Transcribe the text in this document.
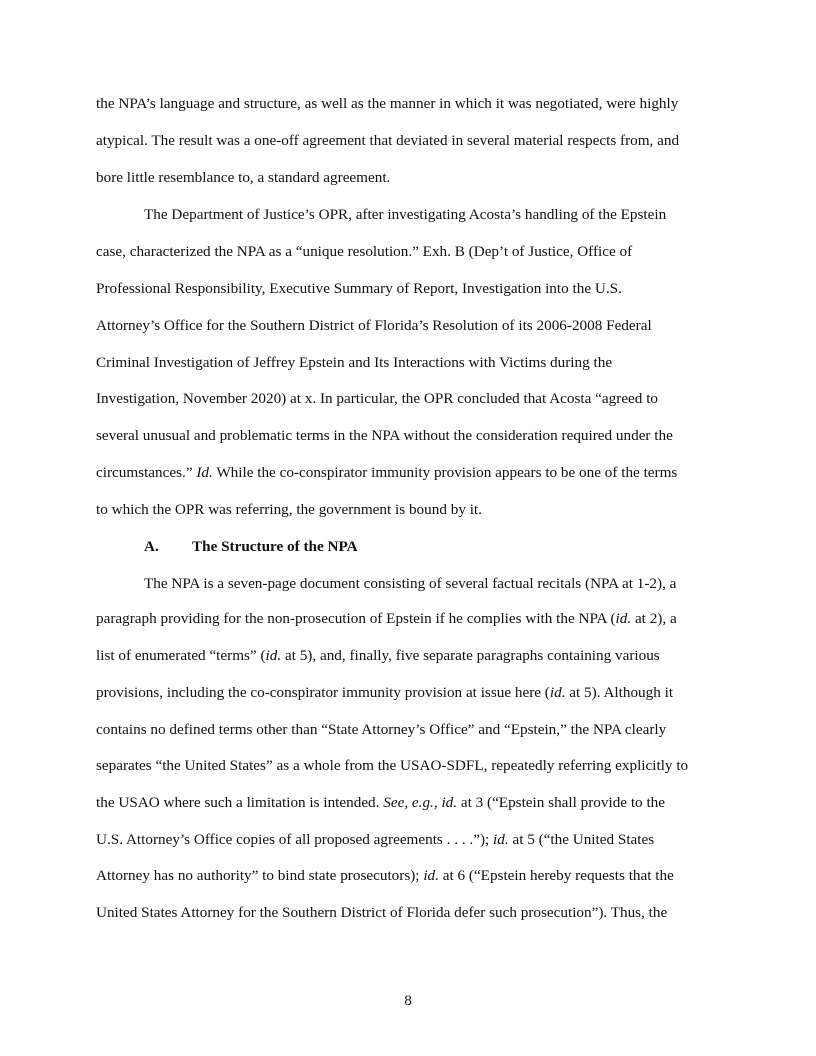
the NPA’s language and structure, as well as the manner in which it was negotiated, were highly
atypical. The result was a one-off agreement that deviated in several material respects from, and
bore little resemblance to, a standard agreement.
The Department of Justice’s OPR, after investigating Acosta’s handling of the Epstein
case, characterized the NPA as a “unique resolution.” Exh. B (Dep’t of Justice, Office of
Professional Responsibility, Executive Summary of Report, Investigation into the U.S.
Attorney’s Office for the Southern District of Florida’s Resolution of its 2006-2008 Federal
Criminal Investigation of Jeffrey Epstein and Its Interactions with Victims during the
Investigation, November 2020) at x. In particular, the OPR concluded that Acosta “agreed to
several unusual and problematic terms in the NPA without the consideration required under the
circumstances.” Id. While the co-conspirator immunity provision appears to be one of the terms
to which the OPR was referring, the government is bound by it.
A. The Structure of the NPA
The NPA is a seven-page document consisting of several factual recitals (NPA at 1-2), a
paragraph providing for the non-prosecution of Epstein if he complies with the NPA (id. at 2), a
list of enumerated “terms” (id. at 5), and, finally, five separate paragraphs containing various
provisions, including the co-conspirator immunity provision at issue here (id. at 5). Although it
contains no defined terms other than “State Attorney’s Office” and “Epstein,” the NPA clearly
separates “the United States” as a whole from the USAO-SDFL, repeatedly referring explicitly to
the USAO where such a limitation is intended. See, e.g., id. at 3 (“Epstein shall provide to the
U.S. Attorney’s Office copies of all proposed agreements . . . .”); id. at 5 (“the United States
Attorney has no authority” to bind state prosecutors); id. at 6 (“Epstein hereby requests that the
United States Attorney for the Southern District of Florida defer such prosecution”). Thus, the
8
